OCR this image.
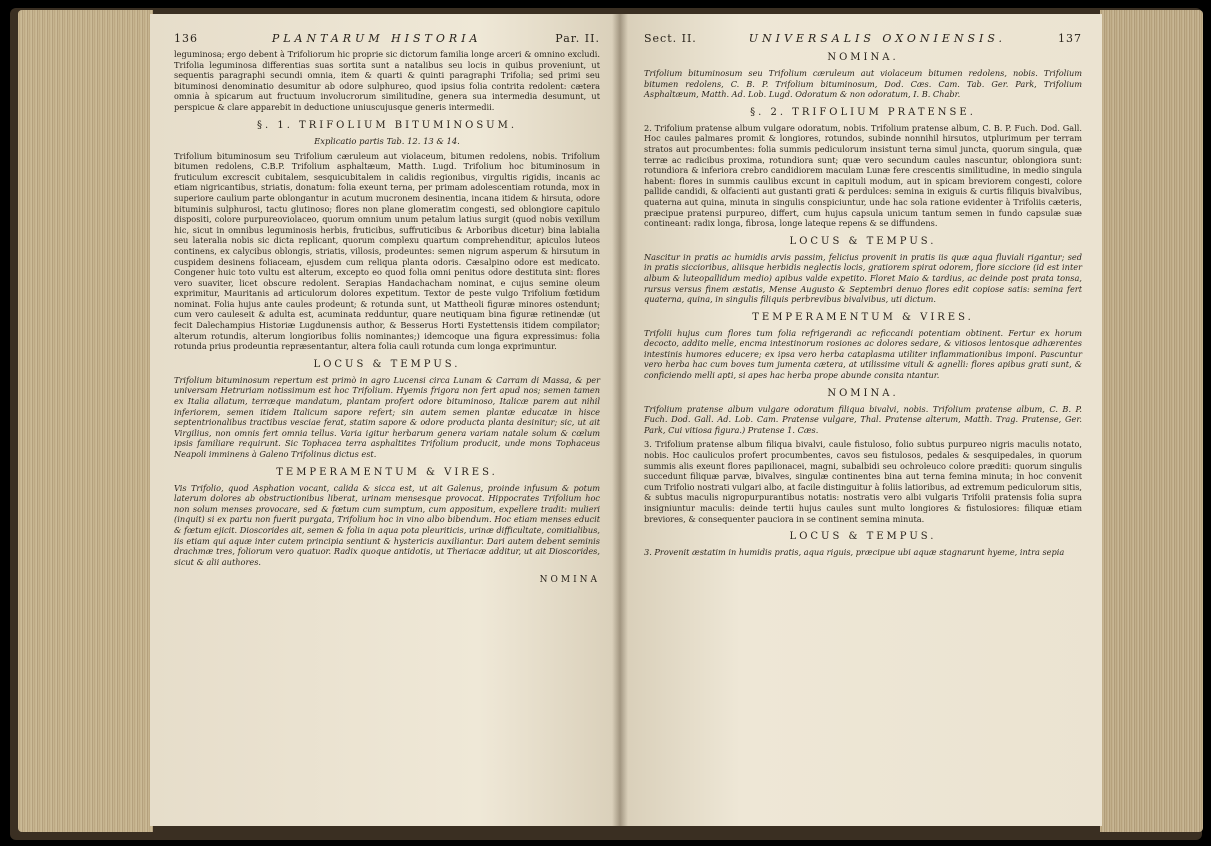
136	PLANTARUM HISTORIA	Par. II.

leguminosa; ergo debent à Trifoliorum hic proprie sic dictorum familia longe arceri & omnino excludi. Trifolia leguminosa differentias suas sortita sunt a natalibus seu locis in quibus proveniunt, ut sequentis paragraphi secundi omnia, item & quarti & quinti paragraphi Trifolia; sed primi seu bituminosi denominatio desumitur ab odore sulphureo, quod ipsius folia contrita redolent: cætera omnia à spicarum aut fructuum involucrorum similitudine, genera sua intermedia desumunt, ut perspicue & clare apparebit in deductione uniuscujusque generis intermedii.

§. 1. TRIFOLIUM BITUMINOSUM.
Explicatio partis Tab. 12. 13 & 14.

Trifolium bituminosum seu Trifolium cæruleum aut violaceum, bitumen redolens, nobis. Trifolium bitumen redolens, C.B.P. Trifolium asphaltæum, Matth. Lugd. Trifolium hoc bituminosum in fruticulum excrescit cubitalem, sesquicubitalem in calidis regionibus, virgultis rigidis, incanis ac etiam nigricantibus, striatis, donatum: folia exeunt terna, per primam adolescentiam rotunda, mox in superiore caulium parte oblongantur in acutum mucronem desinentia, incana itidem & hirsuta, odore bituminis sulphurosi, tactu glutinoso; flores non plane glomeratim congesti, sed oblongiore capitulo dispositi, colore purpureoviolaceo, quorum omnium unum petalum latius surgit (quod nobis vexillum hic, sicut in omnibus leguminosis herbis, fruticibus, suffruticibus & Arboribus dicetur) bina labialia seu lateralia nobis sic dicta replicant, quorum complexu quartum comprehenditur, apiculos luteos continens, ex calycibus oblongis, striatis, villosis, prodeuntes: semen nigrum asperum & hirsutum in cuspidem desinens foliaceam, ejusdem cum reliqua planta odoris. Cæsalpino odore est medicato. Congener huic toto vultu est alterum, excepto eo quod folia omni penitus odore destituta sint: flores vero suaviter, licet obscure redolent. Serapias Handachacham nominat, e cujus semine oleum exprimitur, Mauritanis ad articulorum dolores expetitum. Textor de peste vulgo Trifolium fœtidum nominat. Folia hujus ante caules prodeunt; & rotunda sunt, ut Mattheoli figuræ minores ostendunt; cum vero cauleseit & adulta est, acuminata redduntur, quare neutiquam bina figuræ retinendæ (ut fecit Dalechampius Historiæ Lugdunensis author, & Besserus Horti Eystettensis itidem compilator; alterum rotundis, alterum longioribus foliis nominantes;) idemcoque una figura expressimus: folia rotunda prius prodeuntia repræsentantur, altera folia cauli rotunda cum longa exprimuntur.

LOCUS & TEMPUS.

Trifolium bituminosum repertum est primò in agro Lucensi circa Lunam & Carram di Massa, & per universam Hetruriam notissimum est hoc Trifolium. Hyemis frigora non fert apud nos; semen tamen ex Italia allatum, terræque mandatum, plantam profert odore bituminoso, Italicæ parem aut nihil inferiorem, semen itidem Italicum sapore refert; sin autem semen plantæ educatæ in hisce septentrionalibus tractibus vesciae ferat, statim sapore & odore producta planta desinitur; sic, ut ait Virgilius, non omnis fert omnia tellus. Varia igitur herbarum genera variam natale solum & cœlum ipsis familiare requirunt. Sic Tophacea terra asphaltites Trifolium producit, unde mons Tophaceus Neapoli imminens à Galeno Trifolinus dictus est.

TEMPERAMENTUM & VIRES.

Vis Trifolio, quod Asphation vocant, calida & sicca est, ut ait Galenus, proinde infusum & potum laterum dolores ab obstructionibus liberat, urinam mensesque provocat. Hippocrates Trifolium hoc non solum menses provocare, sed & fœtum cum sumptum, cum appositum, expellere tradit: mulieri (inquit) si ex partu non fuerit purgata, Trifolium hoc in vino albo bibendum. Hoc etiam menses educit & fœtum ejicit. Dioscorides ait, semen & folia in aqua pota pleuriticis, urinæ difficultate, comitialibus, iis etiam qui aquæ inter cutem principia sentiunt & hystericis auxiliantur. Dari autem debent seminis drachmæ tres, foliorum vero quatuor. Radix quoque antidotis, ut Theriacæ additur, ut ait Dioscorides, sicut & alii authores.

NOMINA
Sect. II.	UNIVERSALIS OXONIENSIS.	137
NOMINA.

Trifolium bituminosum seu Trifolium cæruleum aut violaceum bitumen redolens, nobis. Trifolium bitumen redolens, C. B. P. Trifolium bituminosum, Dod. Cæs. Cam. Tab. Ger. Park, Trifolium Asphaltæum, Matth. Ad. Lob. Lugd. Odoratum & non odoratum, I. B. Chabr.

§. 2. TRIFOLIUM PRATENSE.

2. Trifolium pratense album vulgare odoratum, nobis. Trifolium pratense album, C. B. P. Fuch. Dod. Gall. Hoc caules palmares promit & longiores, rotundos, subinde nonnihil hirsutos, utplurimum per terram stratos aut procumbentes: folia summis pediculorum insistunt terna simul juncta, quorum singula, quæ terræ ac radicibus proxima, rotundiora sunt; quæ vero secundum caules nascuntur, oblongiora sunt: rotundiora & inferiora crebro candidiorem maculam Lunæ fere crescentis similitudine, in medio singula habent: flores in summis caulibus excunt in capituli modum, aut in spicam breviorem congesti, colore pallide candidi, & olfacienti aut gustanti grati & perdulces: semina in exiguis & curtis filiquis bivalvibus, quaterna aut quina, minuta in singulis conspiciuntur, unde hac sola ratione evidenter à Trifoliis cæteris, præcipue pratensi purpureo, differt, cum hujus capsula unicum tantum semen in fundo capsulæ suæ contineant: radix longa, fibrosa, longe lateque repens & se diffundens.

LOCUS & TEMPUS.

Nascitur in pratis ac humidis arvis passim, felicius provenit in pratis iis quæ aqua fluviali rigantur; sed in pratis siccioribus, aliisque herbidis neglectis locis, gratiorem spirat odorem, flore sicciore (id est inter album & luteopallidum medio) apibus valde expetito. Floret Maio & tardius, ac deinde post prata tonsa, rursus versus finem æstatis, Mense Augusto & Septembri denuo flores edit copiose satis: semina fert quaterna, quina, in singulis filiquis perbrevibus bivalvibus, uti dictum.

TEMPERAMENTUM & VIRES.

Trifolii hujus cum flores tum folia refrigerandi ac reficcandi potentiam obtinent. Fertur ex horum decocto, addito melle, encma intestinorum rosiones ac dolores sedare, & vitiosos lentosque adhærentes intestinis humores educere; ex ipsa vero herba cataplasma utiliter inflammationibus imponi. Pascuntur vero herba hac cum boves tum jumenta cætera, at utilissime vituli & agnelli: flores apibus grati sunt, & conficiendo melli apti, si apes hac herba prope abunde consita ntantur.

NOMINA.

Trifolium pratense album vulgare odoratum filiqua bivalvi, nobis. Trifolium pratense album, C. B. P. Fuch. Dod. Gall. Ad. Lob. Cam. Pratense vulgare, Thal. Pratense alterum, Matth. Trag. Pratense, Ger. Park, Cui vitiosa figura.) Pratense 1. Cæs.

3. Trifolium pratense album filiqua bivalvi, caule fistuloso, folio subtus purpureo nigris maculis notato, nobis. Hoc cauliculos profert procumbentes, cavos seu fistulosos, pedales & sesquipedales, in quorum summis alis exeunt flores papilionacei, magni, subalbidi seu ochroleuco colore præditi: quorum singulis succedunt filiquæ parvæ, bivalves, singulæ continentes bina aut terna femina minuta; in hoc convenit cum Trifolio nostrati vulgari albo, at facile distinguitur à foliis latioribus, ad extremum pediculorum sitis, & subtus maculis nigropurpurantibus notatis: nostratis vero albi vulgaris Trifolii pratensis folia supra insigniuntur maculis: deinde tertii hujus caules sunt multo longiores & fistulosiores: filiquæ etiam breviores, & consequenter pauciora in se continent semina minuta.

LOCUS & TEMPUS.

3. Provenit æstatim in humidis pratis, aqua riguis, præcipue ubi aquæ stagnarunt hyeme, intra sepia
